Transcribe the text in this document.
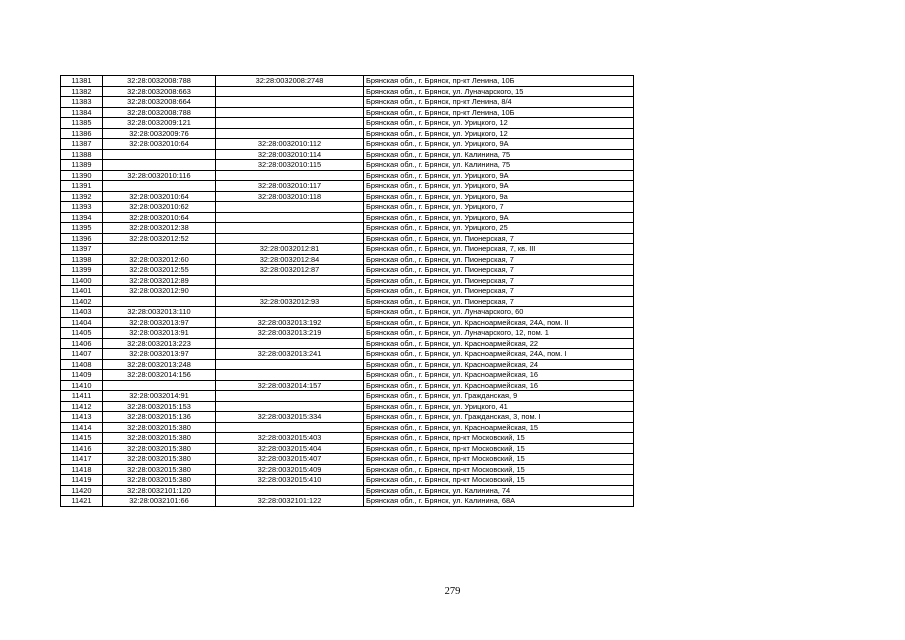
11381	32:28:0032008:788	32:28:0032008:2748	Брянская обл., г. Брянск, пр-кт Ленина, 10Б
11382	32:28:0032008:663		Брянская обл., г. Брянск, ул. Луначарского, 15
11383	32:28:0032008:664		Брянская обл., г. Брянск, пр-кт Ленина, 8/4
11384	32:28:0032008:788		Брянская обл., г. Брянск, пр-кт Ленина, 10Б
11385	32:28:0032009:121		Брянская обл., г. Брянск, ул. Урицкого, 12
11386	32:28:0032009:76		Брянская обл., г. Брянск, ул. Урицкого, 12
11387	32:28:0032010:64	32:28:0032010:112	Брянская обл., г. Брянск, ул. Урицкого, 9А
11388		32:28:0032010:114	Брянская обл., г. Брянск, ул. Калинина, 75
11389		32:28:0032010:115	Брянская обл., г. Брянск, ул. Калинина, 75
11390	32:28:0032010:116		Брянская обл., г. Брянск, ул. Урицкого, 9А
11391		32:28:0032010:117	Брянская обл., г. Брянск, ул. Урицкого, 9А
11392	32:28:0032010:64	32:28:0032010:118	Брянская обл., г. Брянск, ул. Урицкого, 9а
11393	32:28:0032010:62		Брянская обл., г. Брянск, ул. Урицкого, 7
11394	32:28:0032010:64		Брянская обл., г. Брянск, ул. Урицкого, 9А
11395	32:28:0032012:38		Брянская обл., г. Брянск, ул. Урицкого, 25
11396	32:28:0032012:52		Брянская обл., г. Брянск, ул. Пионерская, 7
11397		32:28:0032012:81	Брянская обл., г. Брянск, ул. Пионерская, 7, кв. III
11398	32:28:0032012:60	32:28:0032012:84	Брянская обл., г. Брянск, ул. Пионерская, 7
11399	32:28:0032012:55	32:28:0032012:87	Брянская обл., г. Брянск, ул. Пионерская, 7
11400	32:28:0032012:89		Брянская обл., г. Брянск, ул. Пионерская, 7
11401	32:28:0032012:90		Брянская обл., г. Брянск, ул. Пионерская, 7
11402		32:28:0032012:93	Брянская обл., г. Брянск, ул. Пионерская, 7
11403	32:28:0032013:110		Брянская обл., г. Брянск, ул. Луначарского, 60
11404	32:28:0032013:97	32:28:0032013:192	Брянская обл., г. Брянск, ул. Красноармейская, 24А, пом. II
11405	32:28:0032013:91	32:28:0032013:219	Брянская обл., г. Брянск, ул. Луначарского, 12, пом. 1
11406	32:28:0032013:223		Брянская обл., г. Брянск, ул. Красноармейская, 22
11407	32:28:0032013:97	32:28:0032013:241	Брянская обл., г. Брянск, ул. Красноармейская, 24А, пом. I
11408	32:28:0032013:248		Брянская обл., г. Брянск, ул. Красноармейская, 24
11409	32:28:0032014:156		Брянская обл., г. Брянск, ул. Красноармейская, 16
11410		32:28:0032014:157	Брянская обл., г. Брянск, ул. Красноармейская, 16
11411	32:28:0032014:91		Брянская обл., г. Брянск, ул. Гражданская, 9
11412	32:28:0032015:153		Брянская обл., г. Брянск, ул. Урицкого, 41
11413	32:28:0032015:136	32:28:0032015:334	Брянская обл., г. Брянск, ул. Гражданская, 3, пом. I
11414	32:28:0032015:380		Брянская обл., г. Брянск, ул. Красноармейская, 15
11415	32:28:0032015:380	32:28:0032015:403	Брянская обл., г. Брянск, пр-кт Московский, 15
11416	32:28:0032015:380	32:28:0032015:404	Брянская обл., г. Брянск, пр-кт Московский, 15
11417	32:28:0032015:380	32:28:0032015:407	Брянская обл., г. Брянск, пр-кт Московский, 15
11418	32:28:0032015:380	32:28:0032015:409	Брянская обл., г. Брянск, пр-кт Московский, 15
11419	32:28:0032015:380	32:28:0032015:410	Брянская обл., г. Брянск, пр-кт Московский, 15
11420	32:28:0032101:120		Брянская обл., г. Брянск, ул. Калинина, 74
11421	32:28:0032101:66	32:28:0032101:122	Брянская обл., г. Брянск, ул. Калинина, 68А
279
